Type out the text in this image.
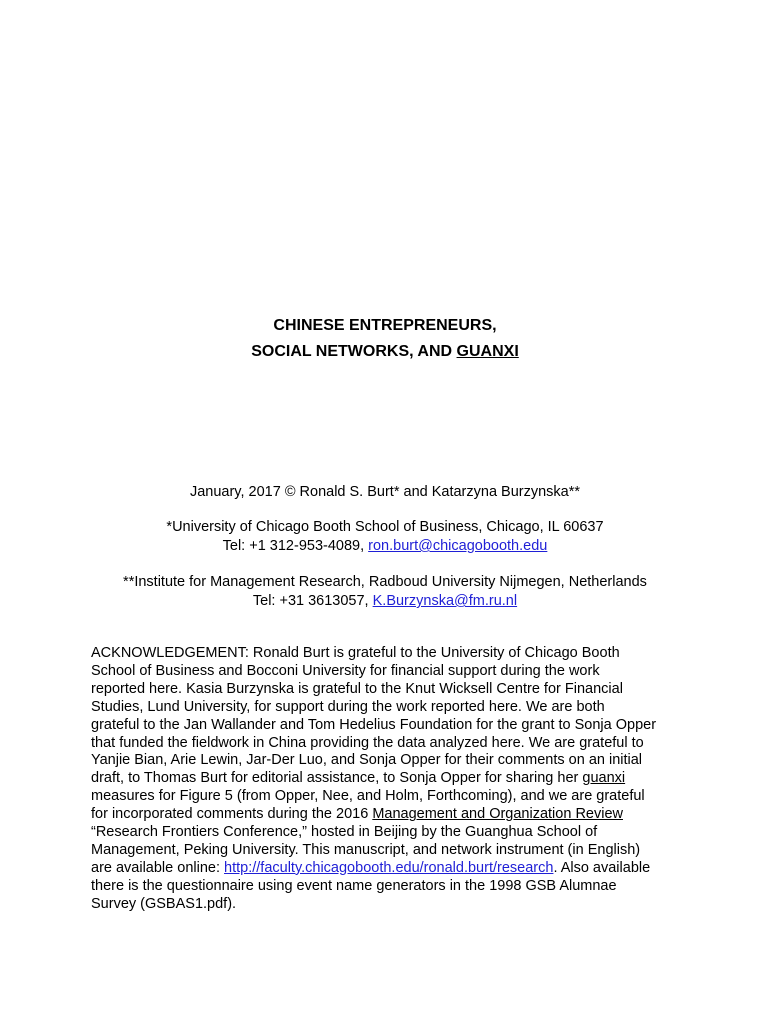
CHINESE ENTREPRENEURS,
SOCIAL NETWORKS, AND GUANXI
January, 2017 © Ronald S. Burt* and Katarzyna Burzynska**
*University of Chicago Booth School of Business, Chicago, IL 60637
Tel: +1 312-953-4089, ron.burt@chicagobooth.edu
**Institute for Management Research, Radboud University Nijmegen, Netherlands
Tel: +31 3613057, K.Burzynska@fm.ru.nl
ACKNOWLEDGEMENT: Ronald Burt is grateful to the University of Chicago Booth
School of Business and Bocconi University for financial support during the work
reported here. Kasia Burzynska is grateful to the Knut Wicksell Centre for Financial
Studies, Lund University, for support during the work reported here. We are both
grateful to the Jan Wallander and Tom Hedelius Foundation for the grant to Sonja Opper
that funded the fieldwork in China providing the data analyzed here. We are grateful to
Yanjie Bian, Arie Lewin, Jar-Der Luo, and Sonja Opper for their comments on an initial
draft, to Thomas Burt for editorial assistance, to Sonja Opper for sharing her guanxi
measures for Figure 5 (from Opper, Nee, and Holm, Forthcoming), and we are grateful
for incorporated comments during the 2016 Management and Organization Review
“Research Frontiers Conference,” hosted in Beijing by the Guanghua School of
Management, Peking University. This manuscript, and network instrument (in English)
are available online: http://faculty.chicagobooth.edu/ronald.burt/research. Also available
there is the questionnaire using event name generators in the 1998 GSB Alumnae
Survey (GSBAS1.pdf).
